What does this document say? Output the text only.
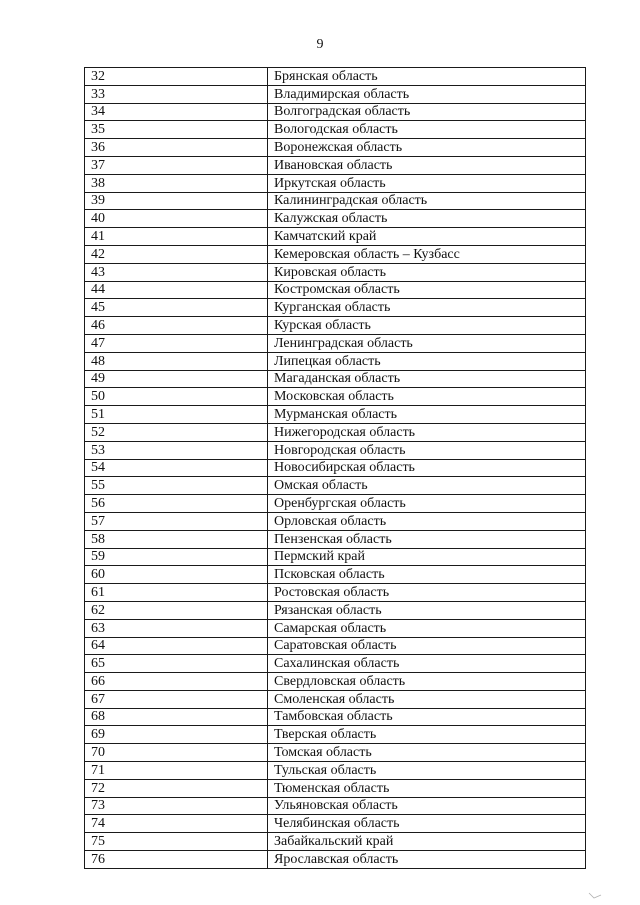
9
32	Брянская область
33	Владимирская область
34	Волгоградская область
35	Вологодская область
36	Воронежская область
37	Ивановская область
38	Иркутская область
39	Калининградская область
40	Калужская область
41	Камчатский край
42	Кемеровская область – Кузбасс
43	Кировская область
44	Костромская область
45	Курганская область
46	Курская область
47	Ленинградская область
48	Липецкая область
49	Магаданская область
50	Московская область
51	Мурманская область
52	Нижегородская область
53	Новгородская область
54	Новосибирская область
55	Омская область
56	Оренбургская область
57	Орловская область
58	Пензенская область
59	Пермский край
60	Псковская область
61	Ростовская область
62	Рязанская область
63	Самарская область
64	Саратовская область
65	Сахалинская область
66	Свердловская область
67	Смоленская область
68	Тамбовская область
69	Тверская область
70	Томская область
71	Тульская область
72	Тюменская область
73	Ульяновская область
74	Челябинская область
75	Забайкальский край
76	Ярославская область
